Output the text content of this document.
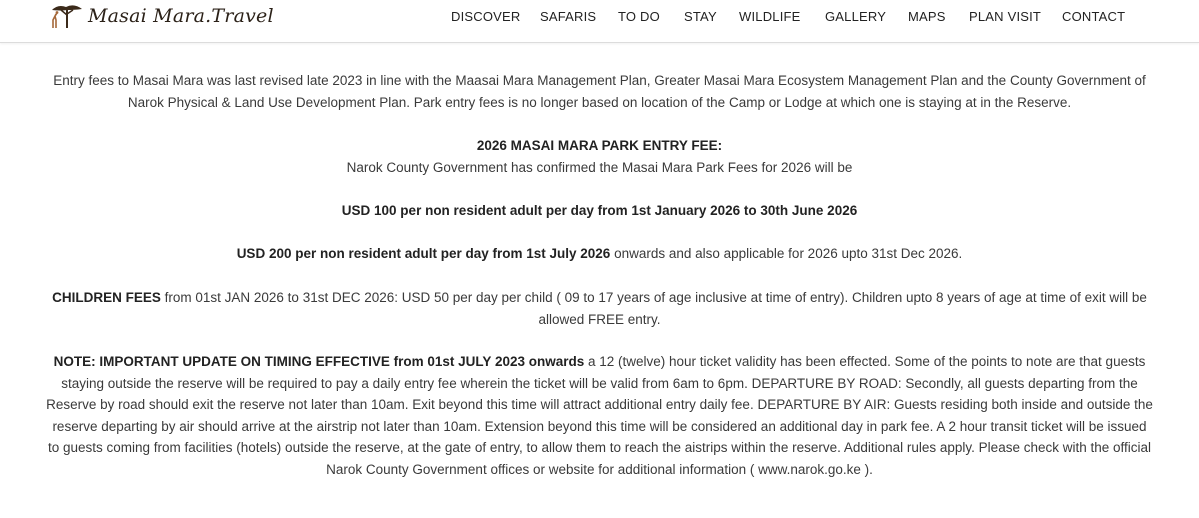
Masai Mara.Travel	DISCOVER SAFARIS TO DO STAY WILDLIFE GALLERY MAPS PLAN VISIT CONTACT

Entry fees to Masai Mara was last revised late 2023 in line with the Maasai Mara Management Plan, Greater Masai Mara Ecosystem Management Plan and the County Government of Narok Physical & Land Use Development Plan. Park entry fees is no longer based on location of the Camp or Lodge at which one is staying at in the Reserve.

2026 MASAI MARA PARK ENTRY FEE:

Narok County Government has confirmed the Masai Mara Park Fees for 2026 will be

USD 100 per non resident adult per day from 1st January 2026 to 30th June 2026

USD 200 per non resident adult per day from 1st July 2026 onwards and also applicable for 2026 upto 31st Dec 2026.

CHILDREN FEES from 01st JAN 2026 to 31st DEC 2026: USD 50 per day per child ( 09 to 17 years of age inclusive at time of entry). Children upto 8 years of age at time of exit will be allowed FREE entry.

NOTE: IMPORTANT UPDATE ON TIMING EFFECTIVE from 01st JULY 2023 onwards a 12 (twelve) hour ticket validity has been effected. Some of the points to note are that guests staying outside the reserve will be required to pay a daily entry fee wherein the ticket will be valid from 6am to 6pm. DEPARTURE BY ROAD: Secondly, all guests departing from the Reserve by road should exit the reserve not later than 10am. Exit beyond this time will attract additional entry daily fee. DEPARTURE BY AIR: Guests residing both inside and outside the reserve departing by air should arrive at the airstrip not later than 10am. Extension beyond this time will be considered an additional day in park fee. A 2 hour transit ticket will be issued to guests coming from facilities (hotels) outside the reserve, at the gate of entry, to allow them to reach the aistrips within the reserve. Additional rules apply. Please check with the official Narok County Government offices or website for additional information ( www.narok.go.ke ).
